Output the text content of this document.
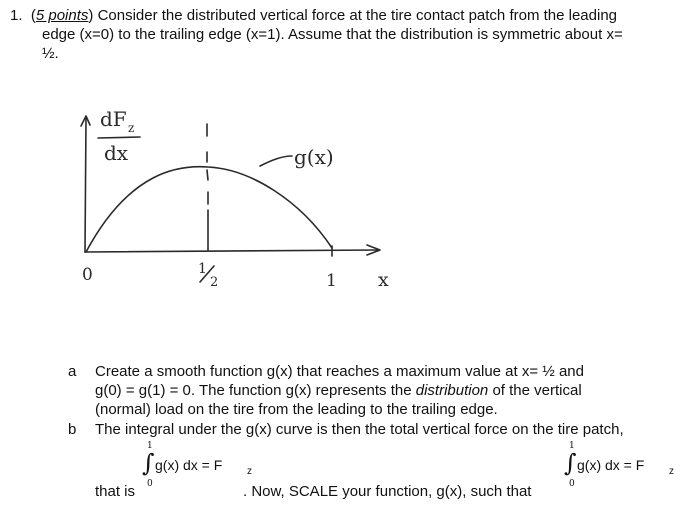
1.  (5 points) Consider the distributed vertical force at the tire contact patch from the leading
edge (x=0) to the trailing edge (x=1). Assume that the distribution is symmetric about x=
½.
dF z
dx	g(x)
0	1
2	1 x
a Create a smooth function g(x) that reaches a maximum value at x= ½ and
g(0) = g(1) = 0. The function g(x) represents the distribution of the vertical
(normal) load on the tire from the leading to the trailing edge.
b The integral under the g(x) curve is then the total vertical force on the tire patch,
1
∫ g(x) dx = F z
0
that is	. Now, SCALE your function, g(x), such that
1
∫ g(x) dx = F z
0
